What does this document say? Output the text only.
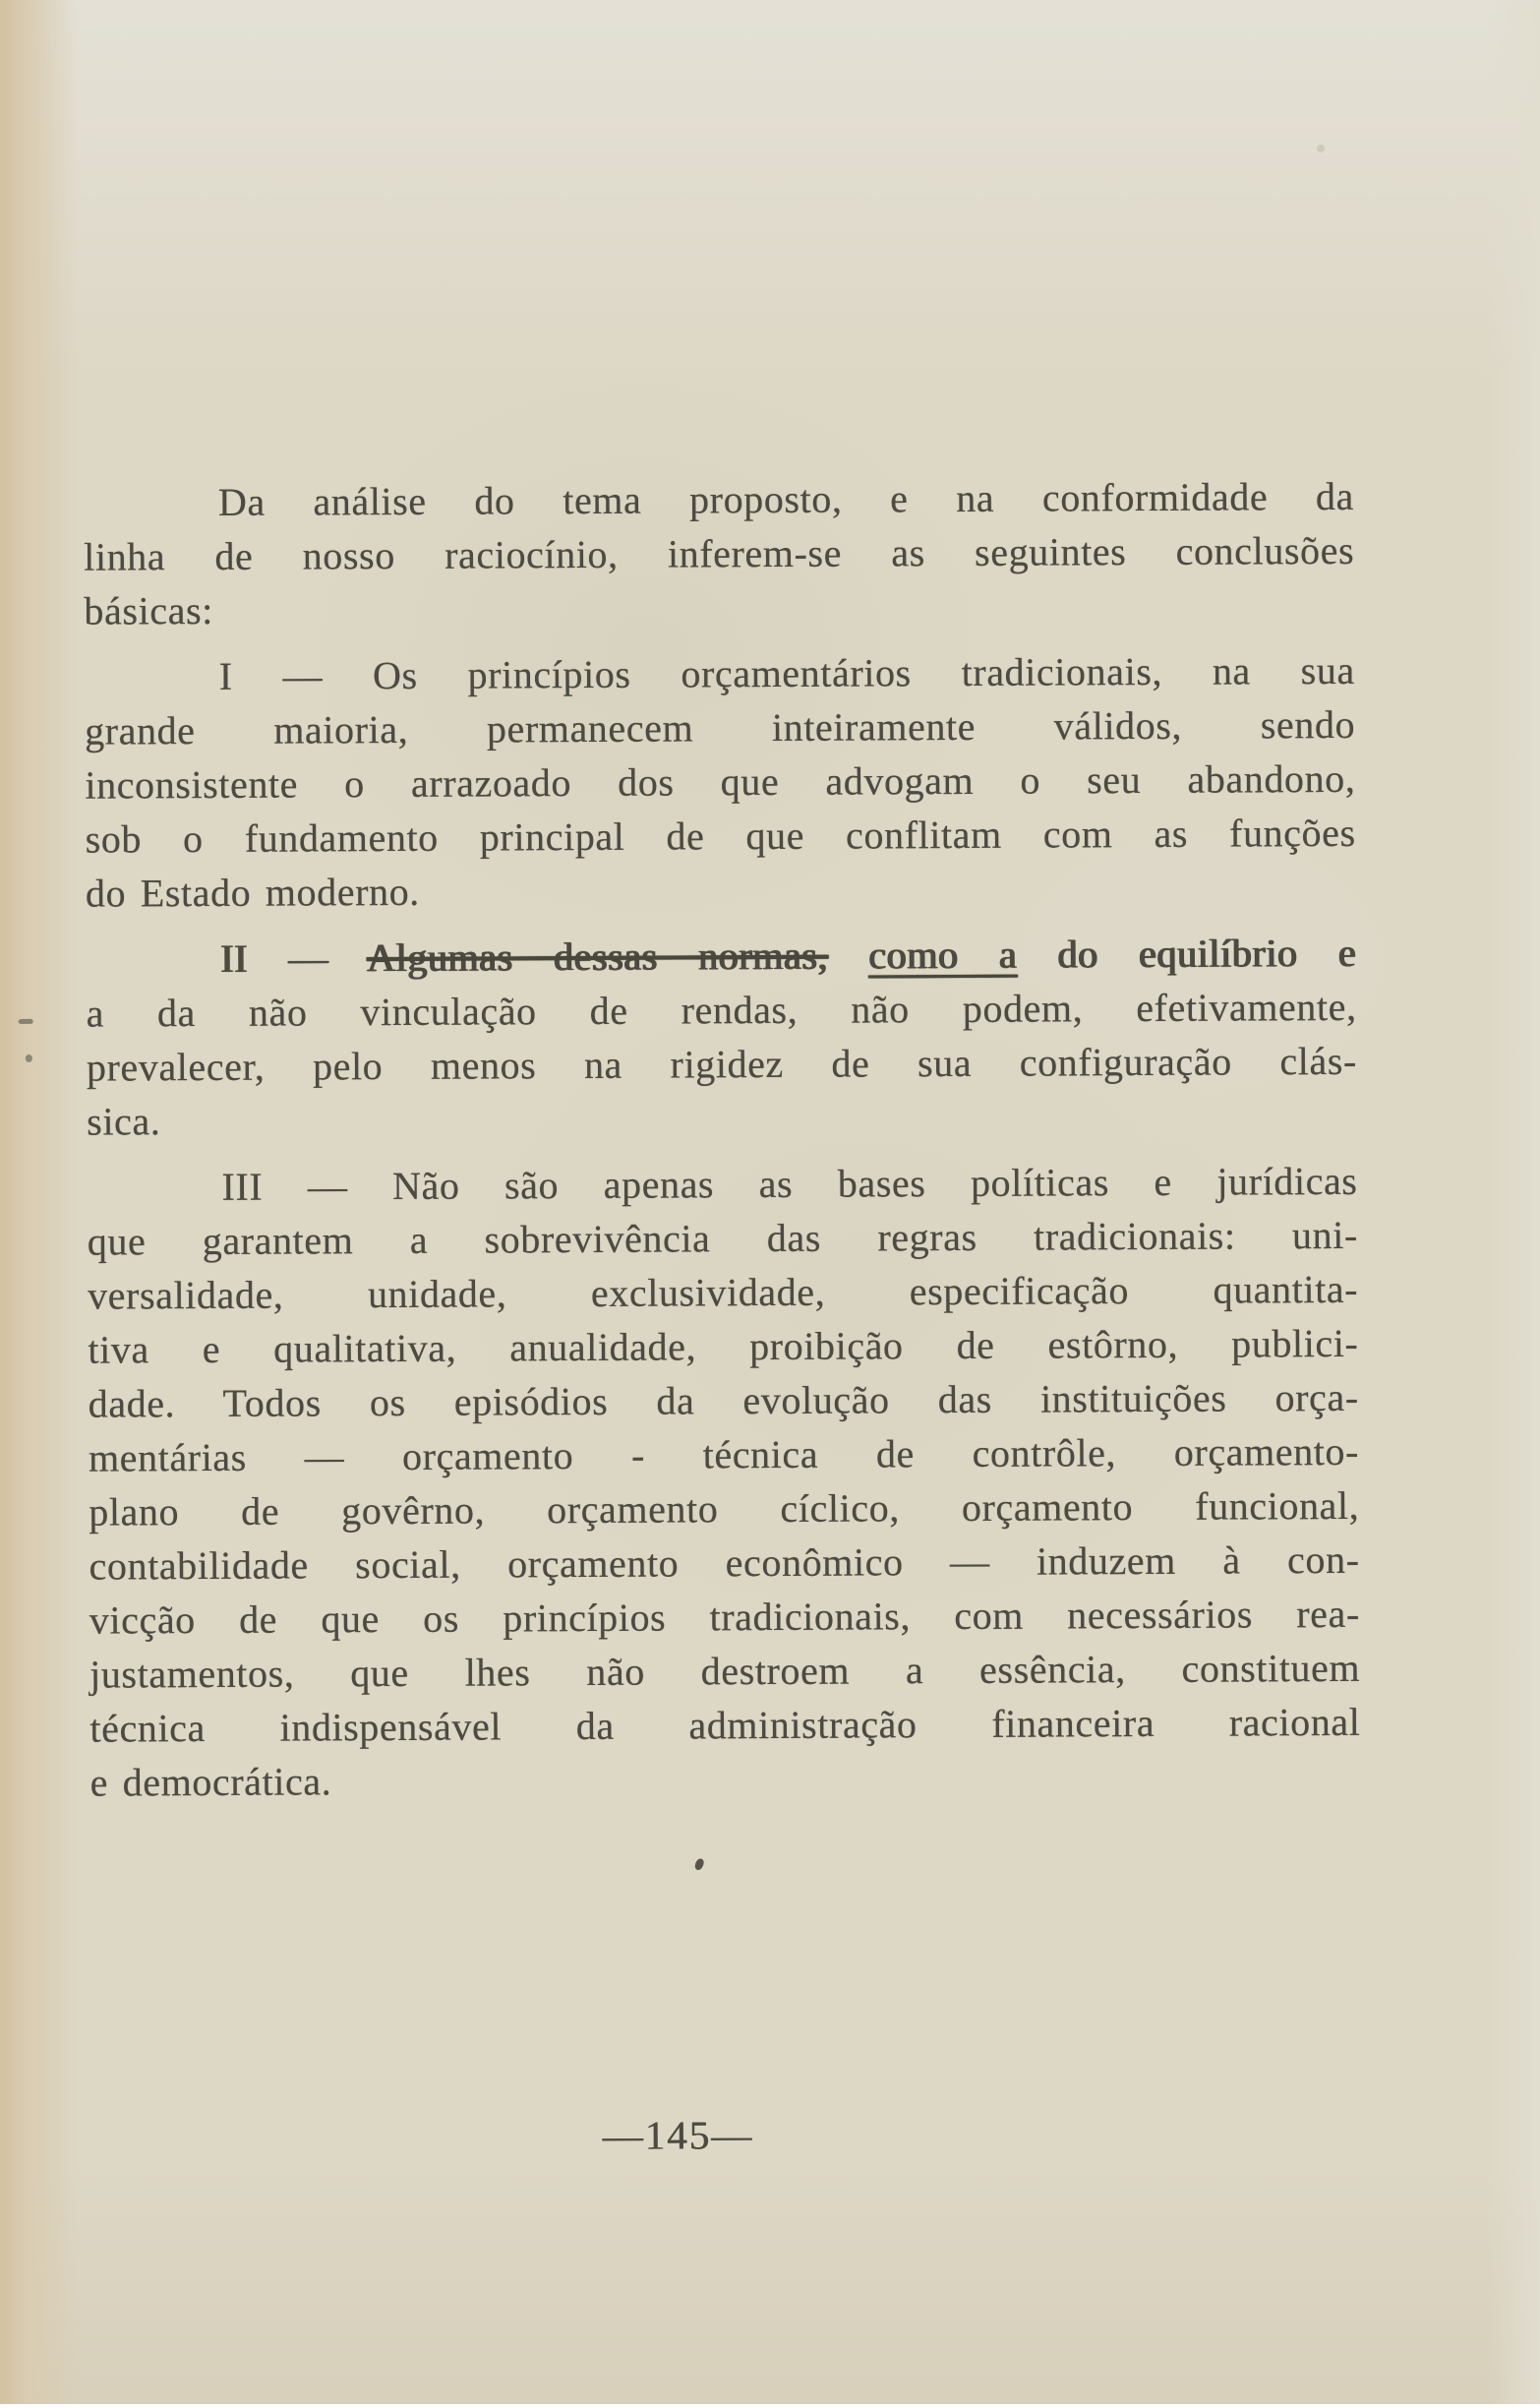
Da análise do tema proposto, e na conformidade da
linha de nosso raciocínio, inferem-se as seguintes conclusões
básicas:
I — Os princípios orçamentários tradicionais, na sua
grande maioria, permanecem inteiramente válidos, sendo
inconsistente o arrazoado dos que advogam o seu abandono,
sob o fundamento principal de que conflitam com as funções
do Estado moderno.
II — Algumas dessas normas, como a do equilíbrio e
a da não vinculação de rendas, não podem, efetivamente,
prevalecer, pelo menos na rigidez de sua configuração clás-
sica.
III — Não são apenas as bases políticas e jurídicas
que garantem a sobrevivência das regras tradicionais: uni-
versalidade, unidade, exclusividade, especificação quantita-
tiva e qualitativa, anualidade, proibição de estôrno, publici-
dade. Todos os episódios da evolução das instituições orça-
mentárias — orçamento - técnica de contrôle, orçamento-
plano de govêrno, orçamento cíclico, orçamento funcional,
contabilidade social, orçamento econômico — induzem à con-
vicção de que os princípios tradicionais, com necessários rea-
justamentos, que lhes não destroem a essência, constituem
técnica indispensável da administração financeira racional
e democrática.
—145—
